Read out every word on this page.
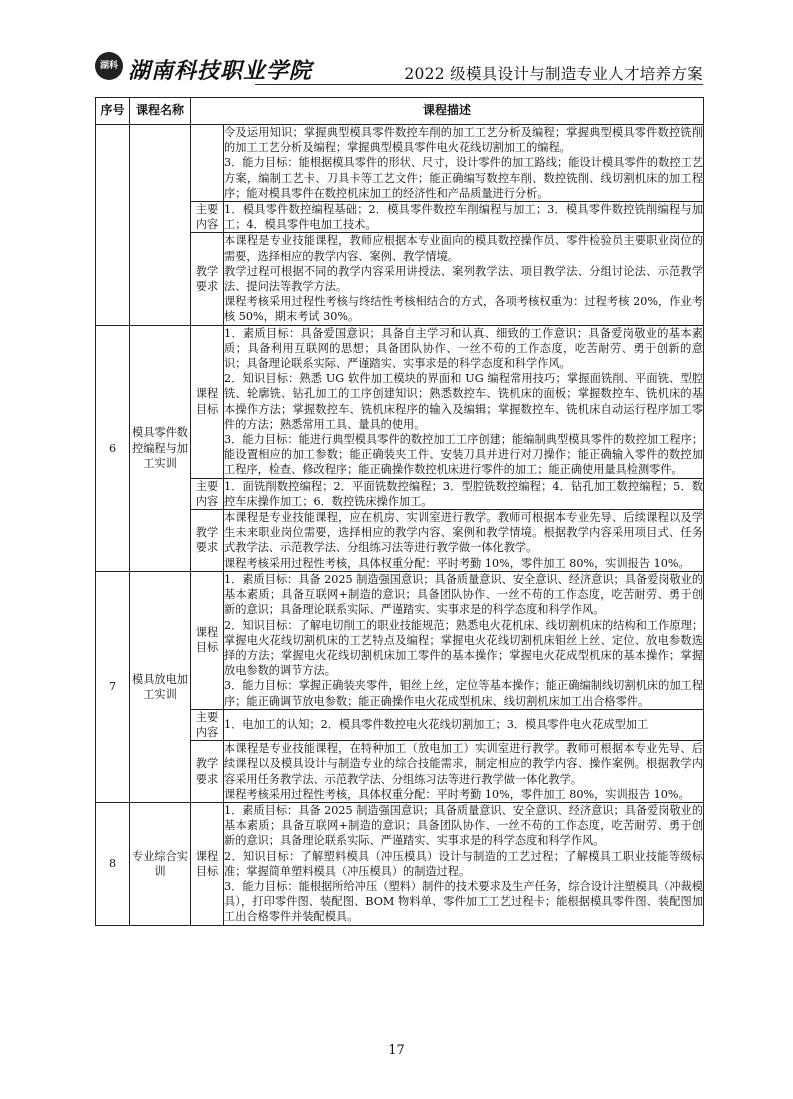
湖科 湖南科技职业学院	2022 级模具设计与制造专业人才培养方案
序号	课程名称	课程描述	

			令及运用知识；掌握典型模具零件数控车削的加工工艺分析及编程；掌握典型模具零件数控铣削的加工工艺分析及编程；掌握典型模具零件电火花线切割加工的编程。

3．能力目标：能根据模具零件的形状、尺寸，设计零件的加工路线；能设计模具零件的数控工艺方案，编制工艺卡、刀具卡等工艺文件；能正确编写数控车削、数控铣削、线切割机床的加工程序；能对模具零件在数控机床加工的经济性和产品质量进行分析。

		主要内容	1．模具零件数控编程基础；2．模具零件数控车削编程与加工；3．模具零件数控铣削编程与加工；4．模具零件电加工技术。

		教学要求	本课程是专业技能课程，教师应根据本专业面向的模具数控操作员、零件检验员主要职业岗位的需要，选择相应的教学内容、案例、教学情境。

教学过程可根据不同的教学内容采用讲授法、案列教学法、项目教学法、分组讨论法、示范教学法、提问法等教学方法。

课程考核采用过程性考核与终结性考核相结合的方式，各项考核权重为：过程考核 20%，作业考核 50%，期末考试 30%。

6	模具零件数控编程与加工实训	课程目标	1．素质目标：具备爱国意识；具备自主学习和认真、细致的工作意识；具备爱岗敬业的基本素质；具备利用互联网的思想；具备团队协作、一丝不苟的工作态度，吃苦耐劳、勇于创新的意识；具备理论联系实际、严谨踏实、实事求是的科学态度和科学作风。

2．知识目标：熟悉 UG 软件加工模块的界面和 UG 编程常用技巧；掌握面铣削、平面铣、型腔铣、轮廓铣、钻孔加工的工序创建知识；熟悉数控车、铣机床的面板；掌握数控车、铣机床的基本操作方法；掌握数控车、铣机床程序的输入及编辑；掌握数控车、铣机床自动运行程序加工零件的方法；熟悉常用工具、量具的使用。

3．能力目标：能进行典型模具零件的数控加工工序创建；能编制典型模具零件的数控加工程序；能设置相应的加工参数；能正确装夹工件、安装刀具并进行对刀操作；能正确输入零件的数控加工程序，检查、修改程序；能正确操作数控机床进行零件的加工；能正确使用量具检测零件。

		主要内容	1．面铣削数控编程；2．平面铣数控编程；3．型腔铣数控编程；4．钻孔加工数控编程；5．数控车床操作加工；6．数控铣床操作加工。

		教学要求	本课程是专业技能课程，应在机房、实训室进行教学。教师可根据本专业先导、后续课程以及学生未来职业岗位需要，选择相应的教学内容、案例和教学情境。根据教学内容采用项目式、任务式教学法、示范教学法、分组练习法等进行教学做一体化教学。

课程考核采用过程性考核，具体权重分配：平时考勤 10%，零件加工 80%，实训报告 10%。

7	模具放电加工实训	课程目标	1．素质目标：具备 2025 制造强国意识；具备质量意识、安全意识、经济意识；具备爱岗敬业的基本素质；具备互联网+制造的意识；具备团队协作、一丝不苟的工作态度，吃苦耐劳、勇于创新的意识；具备理论联系实际、严谨踏实、实事求是的科学态度和科学作风。

2．知识目标：了解电切削工的职业技能规范；熟悉电火花机床、线切割机床的结构和工作原理；掌握电火花线切割机床的工艺特点及编程；掌握电火花线切割机床钼丝上丝、定位、放电参数选择的方法；掌握电火花线切割机床加工零件的基本操作；掌握电火花成型机床的基本操作；掌握放电参数的调节方法。

3．能力目标：掌握正确装夹零件，钼丝上丝，定位等基本操作；能正确编制线切割机床的加工程序；能正确调节放电参数；能正确操作电火花成型机床、线切割机床加工出合格零件。

		主要内容	1．电加工的认知；2．模具零件数控电火花线切割加工；3．模具零件电火花成型加工

		教学要求	本课程是专业技能课程，在特种加工（放电加工）实训室进行教学。教师可根据本专业先导、后续课程以及模具设计与制造专业的综合技能需求，制定相应的教学内容、操作案例。根据教学内容采用任务教学法、示范教学法、分组练习法等进行教学做一体化教学。

课程考核采用过程性考核，具体权重分配：平时考勤 10%，零件加工 80%，实训报告 10%。

8	专业综合实训	课程目标	1．素质目标：具备 2025 制造强国意识；具备质量意识、安全意识、经济意识；具备爱岗敬业的基本素质；具备互联网+制造的意识；具备团队协作、一丝不苟的工作态度，吃苦耐劳、勇于创新的意识；具备理论联系实际、严谨踏实、实事求是的科学态度和科学作风。

2．知识目标：了解塑料模具（冲压模具）设计与制造的工艺过程；了解模具工职业技能等级标准；掌握简单塑料模具（冲压模具）的制造过程。

3．能力目标：能根据所给冲压（塑料）制件的技术要求及生产任务，综合设计注塑模具（冲裁模具），打印零件图、装配图、BOM 物料单、零件加工工艺过程卡；能根据模具零件图、装配图加工出合格零件并装配模具。

17
